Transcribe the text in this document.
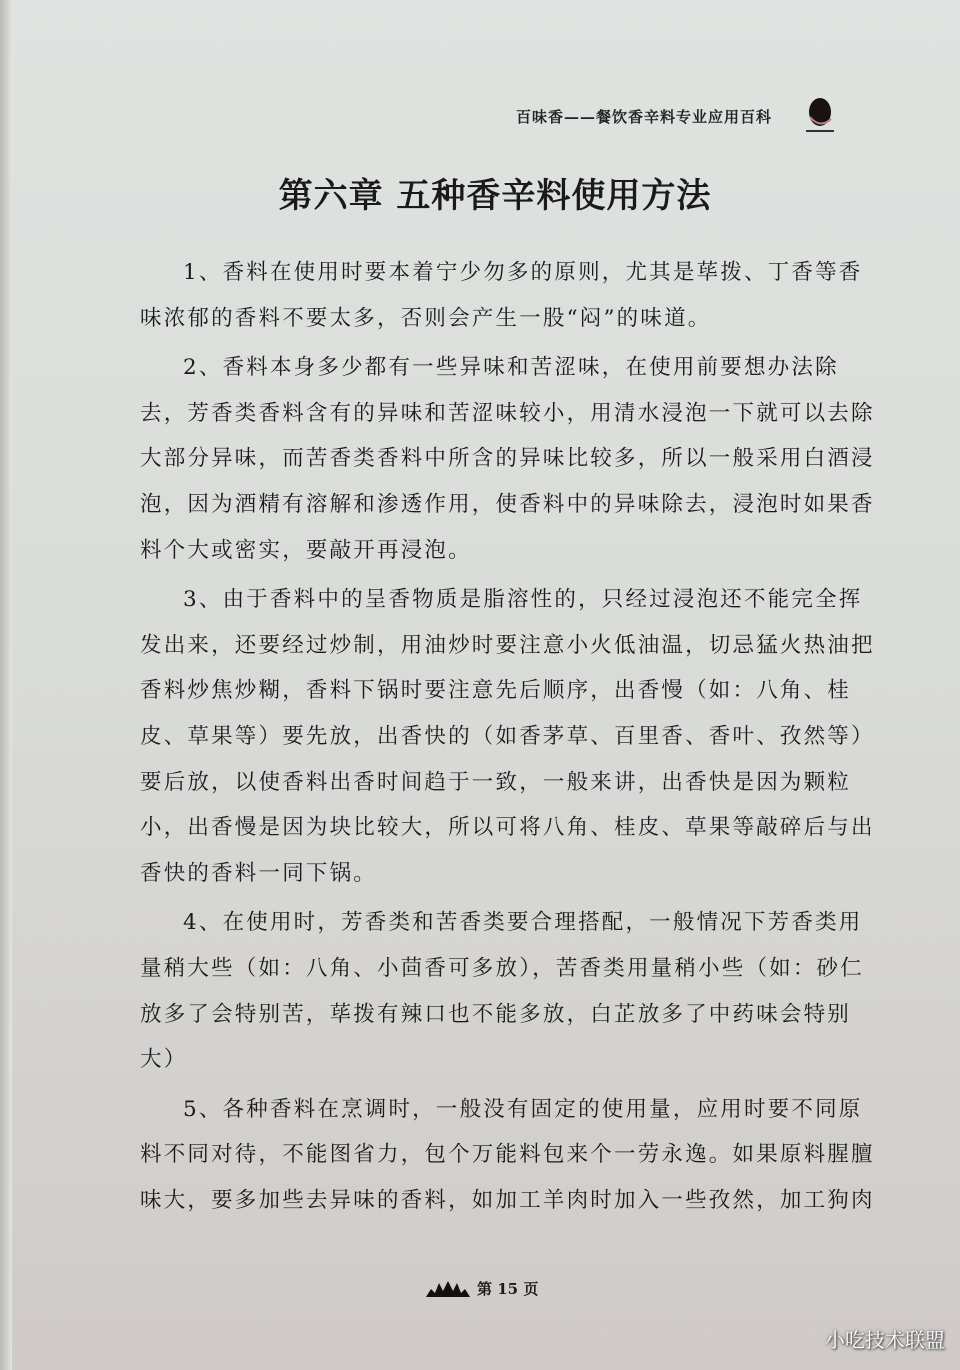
百味香——餐饮香辛料专业应用百科
第六章 五种香辛料使用方法
1、香料在使用时要本着宁少勿多的原则，尤其是荜拨、丁香等香
味浓郁的香料不要太多，否则会产生一股“闷”的味道。
2、香料本身多少都有一些异味和苦涩味，在使用前要想办法除
去，芳香类香料含有的异味和苦涩味较小，用清水浸泡一下就可以去除
大部分异味，而苦香类香料中所含的异味比较多，所以一般采用白酒浸
泡，因为酒精有溶解和渗透作用，使香料中的异味除去，浸泡时如果香
料个大或密实，要敲开再浸泡。
3、由于香料中的呈香物质是脂溶性的，只经过浸泡还不能完全挥
发出来，还要经过炒制，用油炒时要注意小火低油温，切忌猛火热油把
香料炒焦炒糊，香料下锅时要注意先后顺序，出香慢（如：八角、桂
皮、草果等）要先放，出香快的（如香茅草、百里香、香叶、孜然等）
要后放，以使香料出香时间趋于一致，一般来讲，出香快是因为颗粒
小，出香慢是因为块比较大，所以可将八角、桂皮、草果等敲碎后与出
香快的香料一同下锅。
4、在使用时，芳香类和苦香类要合理搭配，一般情况下芳香类用
量稍大些（如：八角、小茴香可多放），苦香类用量稍小些（如：砂仁
放多了会特别苦，荜拨有辣口也不能多放，白芷放多了中药味会特别
大）
5、各种香料在烹调时，一般没有固定的使用量，应用时要不同原
料不同对待，不能图省力，包个万能料包来个一劳永逸。如果原料腥膻
味大，要多加些去异味的香料，如加工羊肉时加入一些孜然，加工狗肉
第 15 页
小吃技术联盟
